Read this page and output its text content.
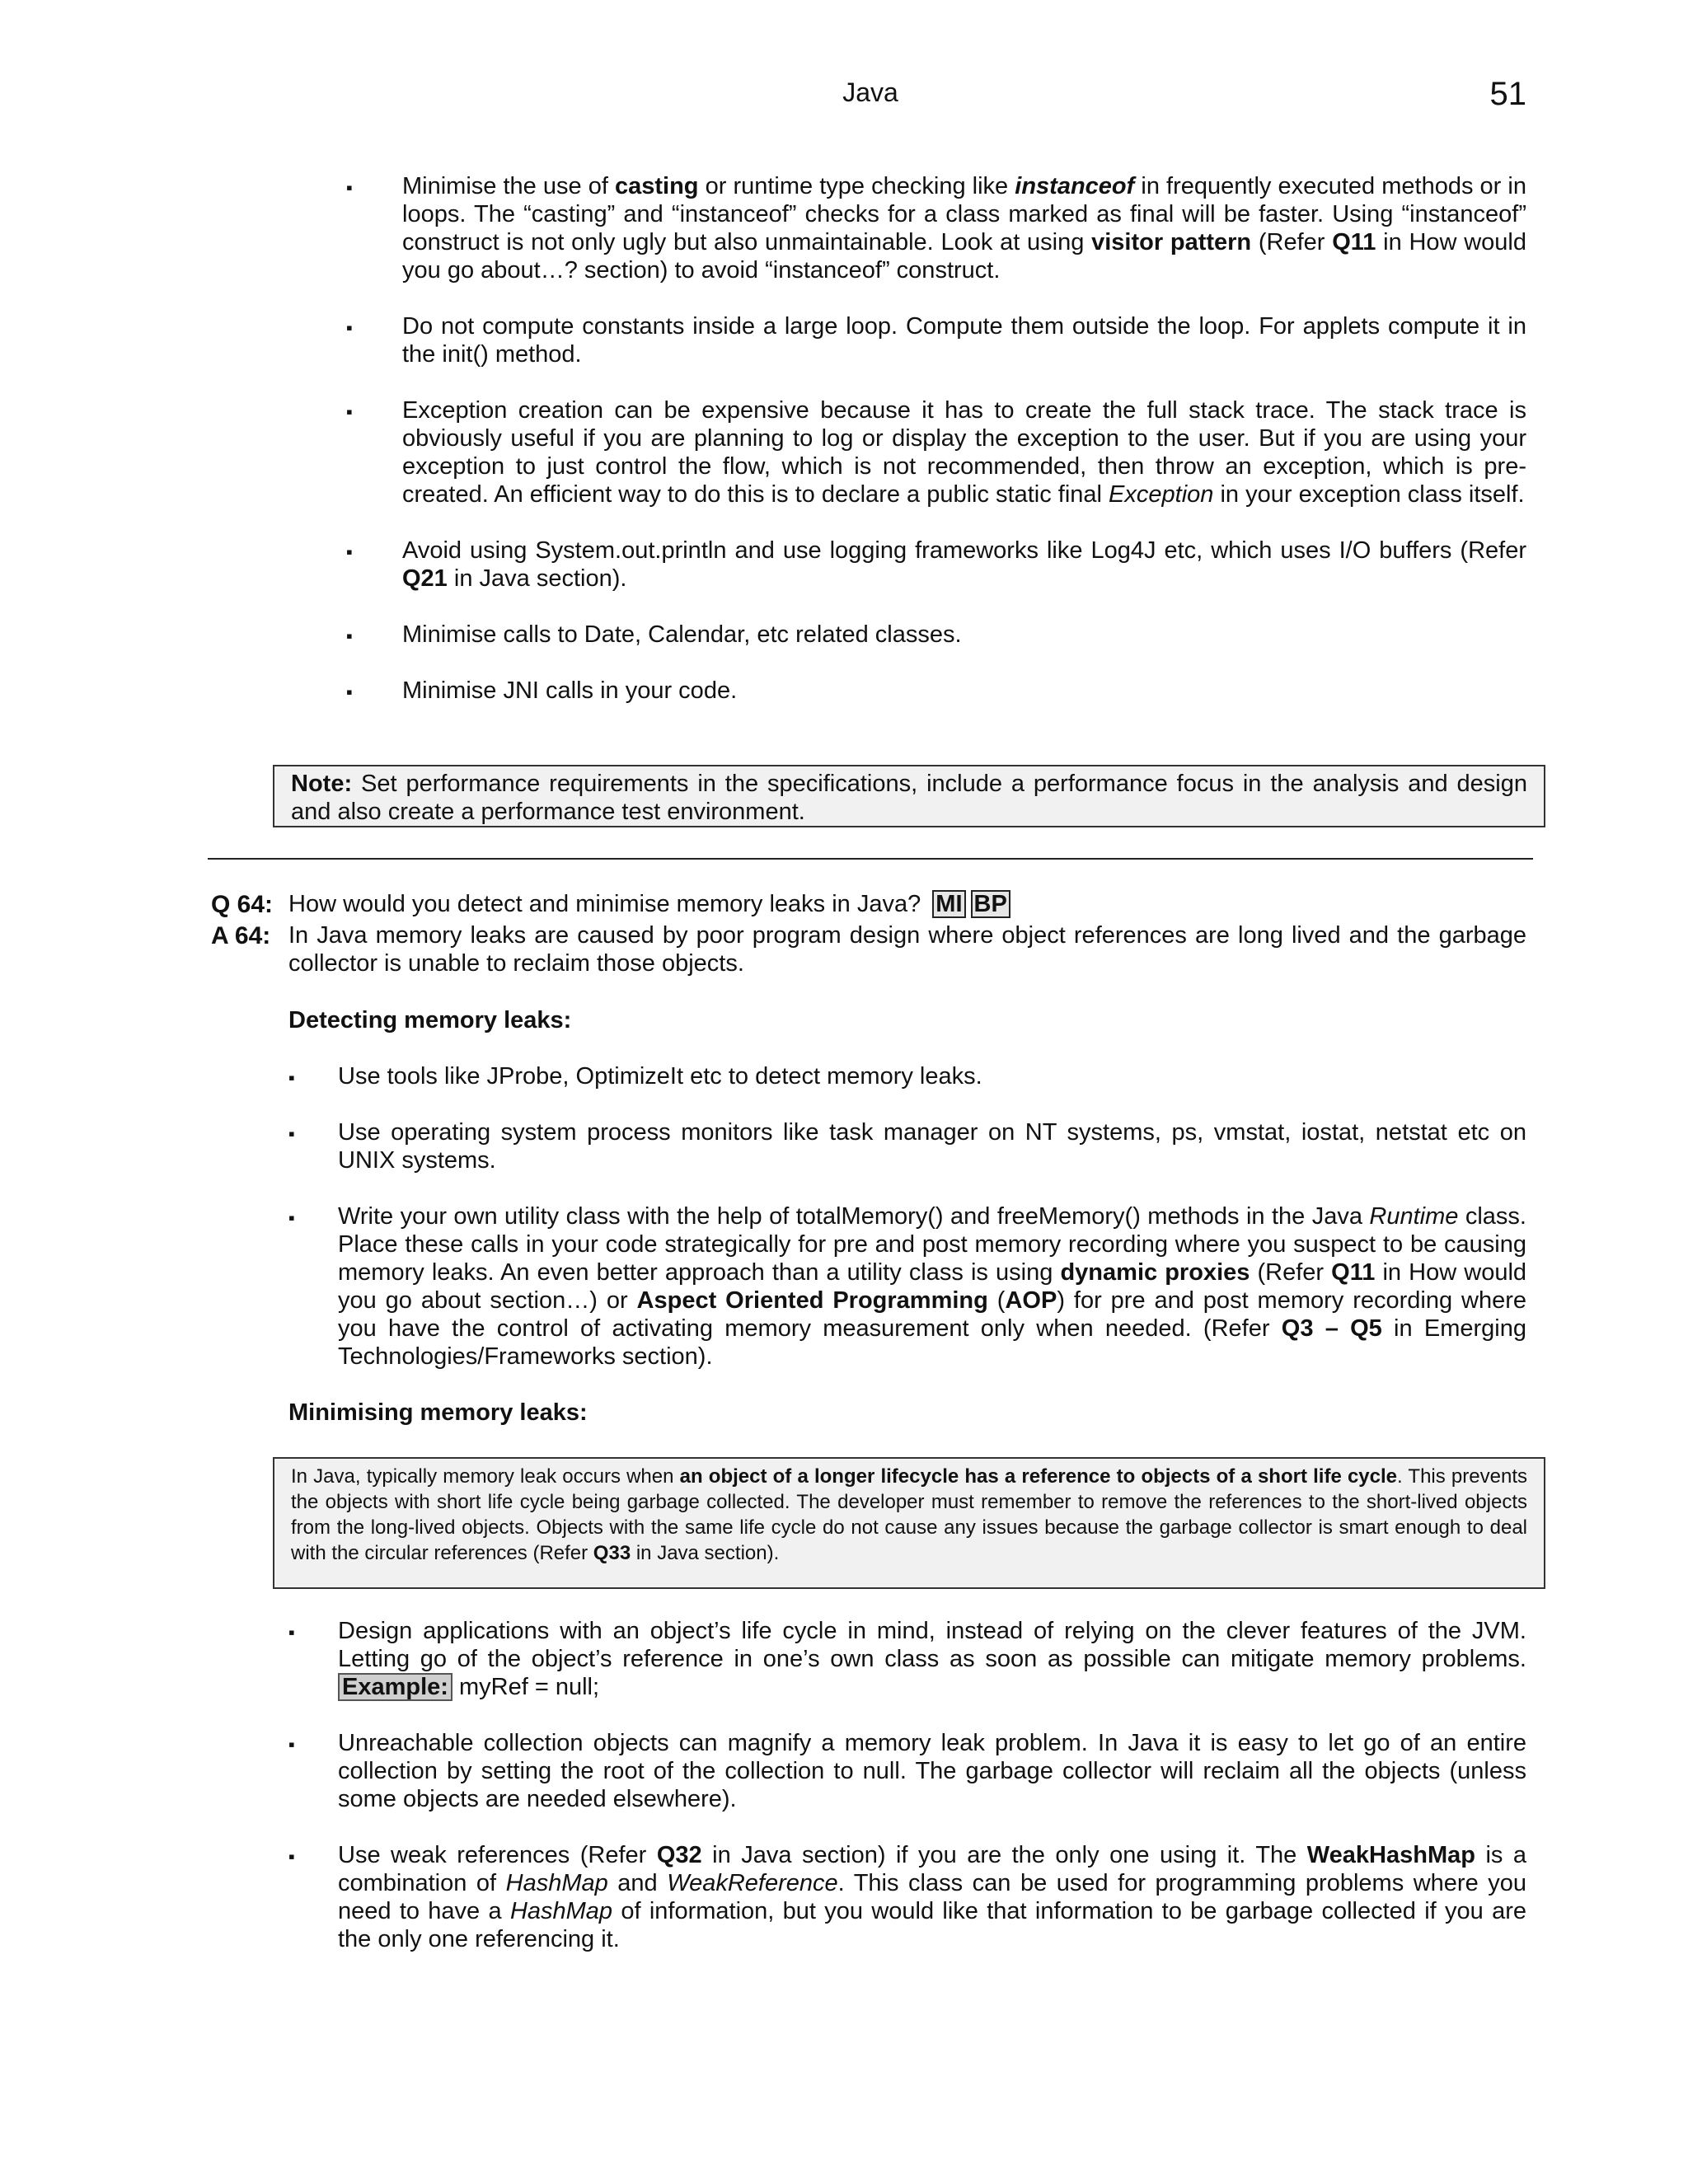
Java	51
▪ Minimise the use of casting or runtime type checking like instanceof in frequently executed methods or in loops. The “casting” and “instanceof” checks for a class marked as final will be faster. Using “instanceof” construct is not only ugly but also unmaintainable. Look at using visitor pattern (Refer Q11 in How would you go about…? section) to avoid “instanceof” construct.

▪ Do not compute constants inside a large loop. Compute them outside the loop. For applets compute it in the init() method.

▪ Exception creation can be expensive because it has to create the full stack trace. The stack trace is obviously useful if you are planning to log or display the exception to the user. But if you are using your exception to just control the flow, which is not recommended, then throw an exception, which is pre-created. An efficient way to do this is to declare a public static final Exception in your exception class itself.

▪ Avoid using System.out.println and use logging frameworks like Log4J etc, which uses I/O buffers (Refer Q21 in Java section).

▪ Minimise calls to Date, Calendar, etc related classes.

▪ Minimise JNI calls in your code.

Note: Set performance requirements in the specifications, include a performance focus in the analysis and design and also create a performance test environment.

Q 64: How would you detect and minimise memory leaks in Java? MI BP

A 64: In Java memory leaks are caused by poor program design where object references are long lived and the garbage collector is unable to reclaim those objects.

Detecting memory leaks:
▪ Use tools like JProbe, OptimizeIt etc to detect memory leaks.

▪ Use operating system process monitors like task manager on NT systems, ps, vmstat, iostat, netstat etc on UNIX systems.

▪ Write your own utility class with the help of totalMemory() and freeMemory() methods in the Java Runtime class. Place these calls in your code strategically for pre and post memory recording where you suspect to be causing memory leaks. An even better approach than a utility class is using dynamic proxies (Refer Q11 in How would you go about section…) or Aspect Oriented Programming (AOP) for pre and post memory recording where you have the control of activating memory measurement only when needed. (Refer Q3 – Q5 in Emerging Technologies/Frameworks section).

Minimising memory leaks:

In Java, typically memory leak occurs when an object of a longer lifecycle has a reference to objects of a short life cycle. This prevents the objects with short life cycle being garbage collected. The developer must remember to remove the references to the short-lived objects from the long-lived objects. Objects with the same life cycle do not cause any issues because the garbage collector is smart enough to deal with the circular references (Refer Q33 in Java section).

▪ Design applications with an object’s life cycle in mind, instead of relying on the clever features of the JVM. Letting go of the object’s reference in one’s own class as soon as possible can mitigate memory problems. Example: myRef = null;

▪ Unreachable collection objects can magnify a memory leak problem. In Java it is easy to let go of an entire collection by setting the root of the collection to null. The garbage collector will reclaim all the objects (unless some objects are needed elsewhere).

▪ Use weak references (Refer Q32 in Java section) if you are the only one using it. The WeakHashMap is a combination of HashMap and WeakReference. This class can be used for programming problems where you need to have a HashMap of information, but you would like that information to be garbage collected if you are the only one referencing it.
